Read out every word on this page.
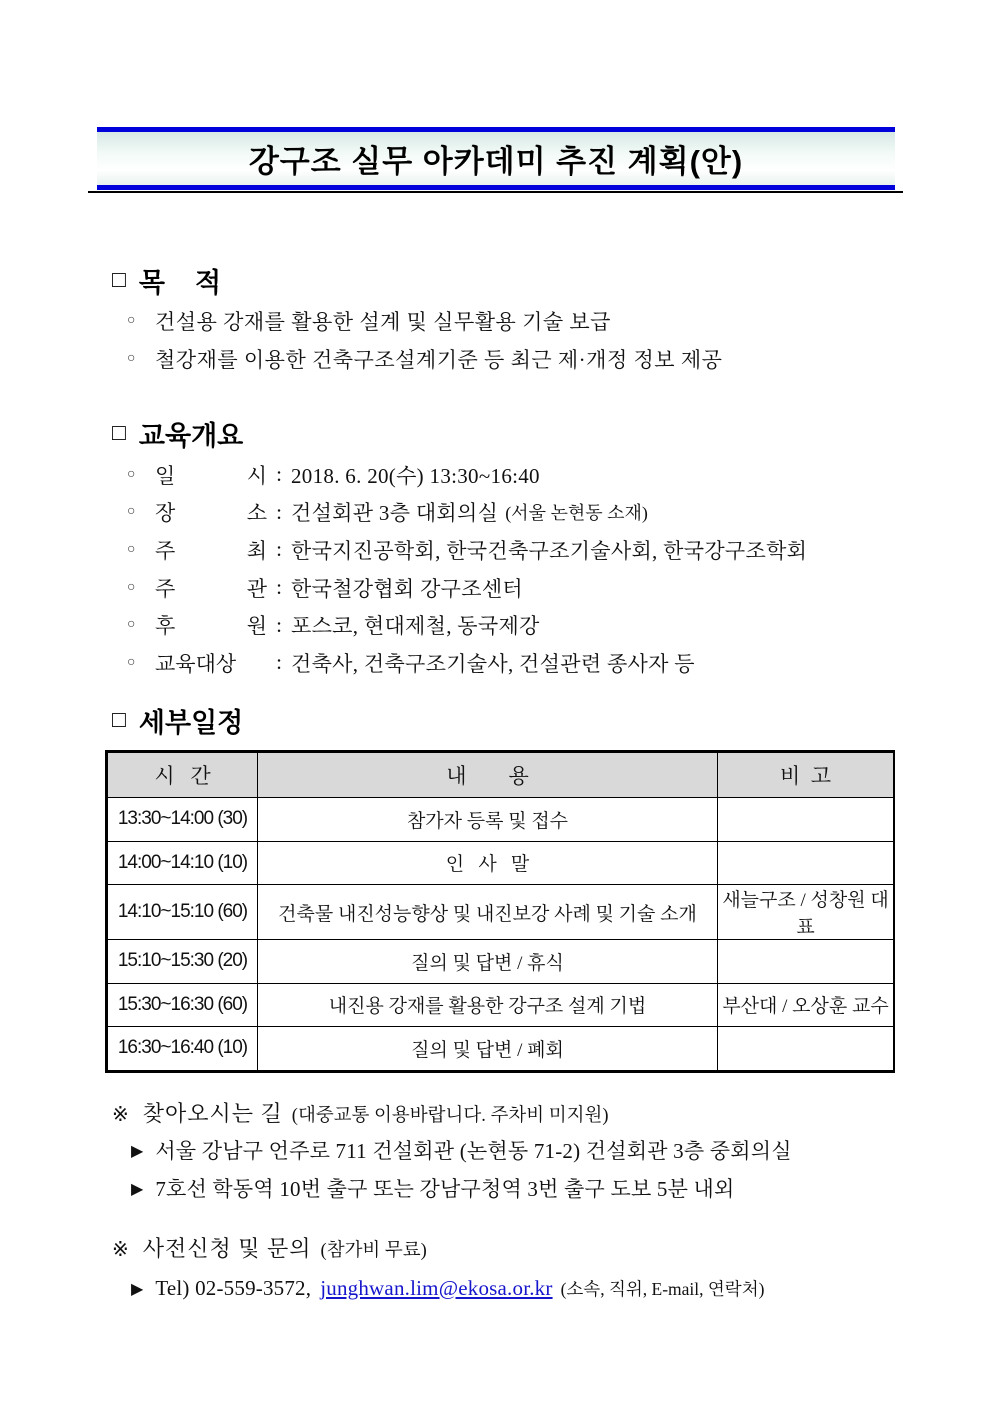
강구조 실무 아카데미 추진 계획(안)
□ 목    적
○ 건설용 강재를 활용한 설계 및 실무활용 기술 보급
○ 철강재를 이용한 건축구조설계기준 등 최근 제·개정 정보 제공
□ 교육개요
○ 일 시 : 2018. 6. 20(수) 13:30~16:40
○ 장 소 : 건설회관 3층 대회의실 (서울 논현동 소재)
○ 주 최 : 한국지진공학회, 한국건축구조기술사회, 한국강구조학회
○ 주 관 : 한국철강협회 강구조센터
○ 후 원 : 포스코, 현대제철, 동국제강
○ 교육대상	: 건축사, 건축구조기술사, 건설관련 종사자 등
□ 세부일정
시   간	내        용	비  고
13:30~14:00 (30)	참가자 등록 및 접수	
14:00~14:10 (10)	인   사   말	
14:10~15:10 (60)	건축물 내진성능향상 및 내진보강 사례 및 기술 소개	새늘구조 / 성창원 대표
15:10~15:30 (20)	질의 및 답변 / 휴식	
15:30~16:30 (60)	내진용 강재를 활용한 강구조 설계 기법	부산대 / 오상훈 교수
16:30~16:40 (10)	질의 및 답변 / 폐회	
※ 찾아오시는 길 (대중교통 이용바랍니다. 주차비 미지원)
▶ 서울 강남구 언주로 711 건설회관 (논현동 71-2) 건설회관 3층 중회의실
▶ 7호선 학동역 10번 출구 또는 강남구청역 3번 출구 도보 5분 내외
※ 사전신청 및 문의 (참가비 무료)
▶ Tel) 02-559-3572, junghwan.lim@ekosa.or.kr (소속, 직위, E-mail, 연락처)
